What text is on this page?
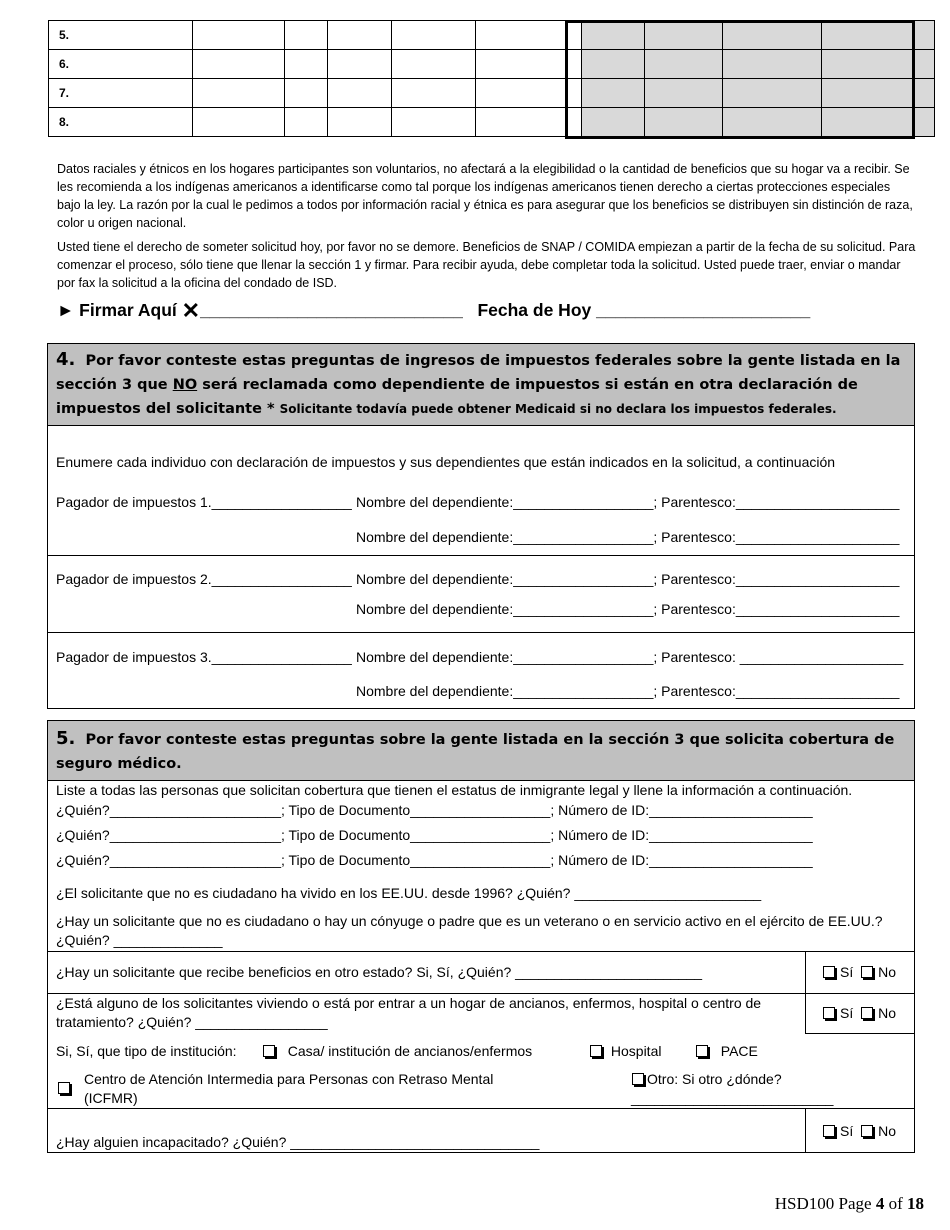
5.									
6.									
7.									
8.									
Datos raciales y étnicos en los hogares participantes son voluntarios, no afectará a la elegibilidad o la cantidad de beneficios que su hogar va a recibir. Se les recomienda a los indígenas americanos a identificarse como tal porque los indígenas americanos tienen derecho a ciertas protecciones especiales bajo la ley. La razón por la cual le pedimos a todos por información racial y étnica es para asegurar que los beneficios se distribuyen sin distinción de raza, color u origen nacional.
Usted tiene el derecho de someter solicitud hoy, por favor no se demore. Beneficios de SNAP / COMIDA empiezan a partir de la fecha de su solicitud. Para comenzar el proceso, sólo tiene que llenar la sección 1 y firmar. Para recibir ayuda, debe completar toda la solicitud. Usted puede traer, enviar o mandar por fax la solicitud a la oficina del condado de ISD.
► Firmar Aquí ✕___________________________ Fecha de Hoy ______________________
4. Por favor conteste estas preguntas de ingresos de impuestos federales sobre la gente listada en la sección 3 que NO será reclamada como dependiente de impuestos si están en otra declaración de impuestos del solicitante * Solicitante todavía puede obtener Medicaid si no declara los impuestos federales.
Enumere cada individuo con declaración de impuestos y sus dependientes que están indicados en la solicitud, a continuación
Pagador de impuestos 1.__________________ Nombre del dependiente:__________________; Parentesco:_____________________
Nombre del dependiente:__________________; Parentesco:_____________________
Pagador de impuestos 2.__________________ Nombre del dependiente:__________________; Parentesco:_____________________
Nombre del dependiente:__________________; Parentesco:_____________________
Pagador de impuestos 3.__________________ Nombre del dependiente:__________________; Parentesco: _____________________
Nombre del dependiente:__________________; Parentesco:_____________________
5. Por favor conteste estas preguntas sobre la gente listada en la sección 3 que solicita cobertura de seguro médico.
Liste a todas las personas que solicitan cobertura que tienen el estatus de inmigrante legal y llene la información a continuación.
¿Quién?______________________; Tipo de Documento__________________; Número de ID:_____________________
¿Quién?______________________; Tipo de Documento__________________; Número de ID:_____________________
¿Quién?______________________; Tipo de Documento__________________; Número de ID:_____________________
¿El solicitante que no es ciudadano ha vivido en los EE.UU. desde 1996? ¿Quién? ________________________
¿Hay un solicitante que no es ciudadano o hay un cónyuge o padre que es un veterano o en servicio activo en el ejército de EE.UU.?
¿Quién? ______________
¿Hay un solicitante que recibe beneficios en otro estado? Si, Sí, ¿Quién? ________________________	Sí No
¿Está alguno de los solicitantes viviendo o está por entrar a un hogar de ancianos, enfermos, hospital o centro de
tratamiento? ¿Quién? _________________
Sí No
Si, Sí, que tipo de institución:	Casa/ institución de ancianos/enfermos	Hospital	PACE
Centro de Atención Intermedia para Personas con Retraso Mental
(ICFMR)
Otro: Si otro ¿dónde?
__________________________
¿Hay alguien incapacitado? ¿Quién? ________________________________
Sí No
HSD100 Page 4 of 18
